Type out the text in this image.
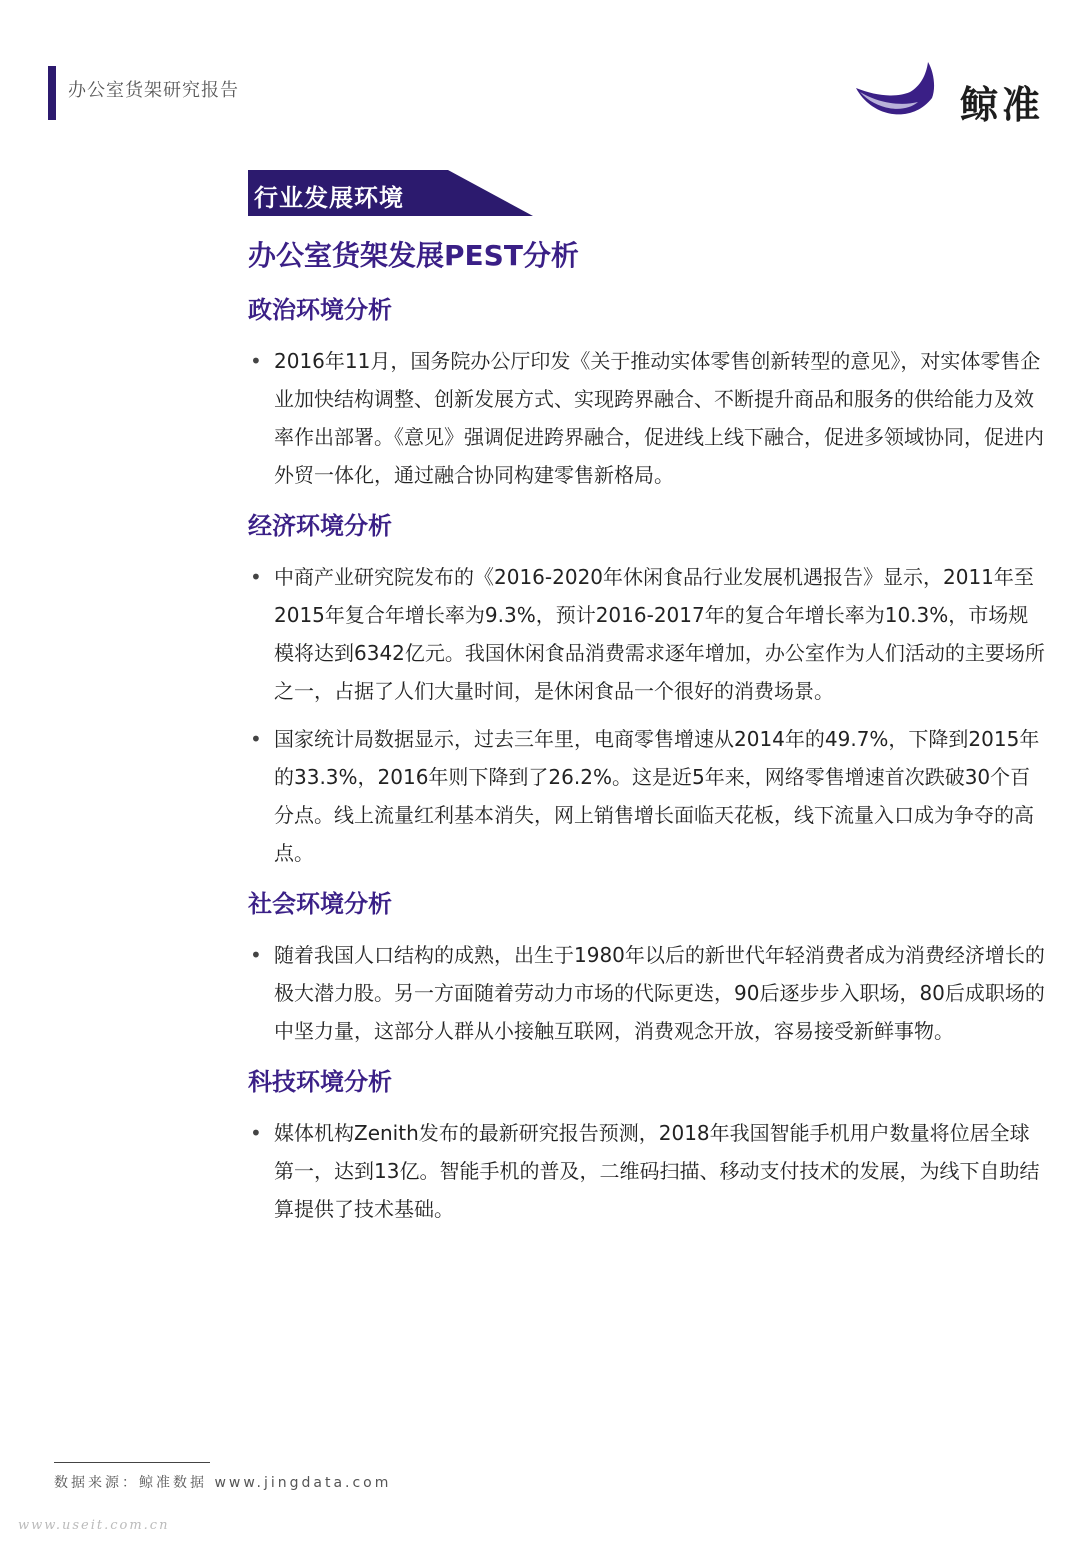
办公室货架研究报告	鲸准
行业发展环境
办公室货架发展PEST分析
政治环境分析
• 2016年11月，国务院办公厅印发《关于推动实体零售创新转型的意见》，对实体零售企业加快结构调整、创新发展方式、实现跨界融合、不断提升商品和服务的供给能力及效率作出部署。《意见》强调促进跨界融合，促进线上线下融合，促进多领域协同，促进内外贸一体化，通过融合协同构建零售新格局。
经济环境分析
• 中商产业研究院发布的《2016-2020年休闲食品行业发展机遇报告》显示，2011年至2015年复合年增长率为9.3%，预计2016-2017年的复合年增长率为10.3%，市场规模将达到6342亿元。我国休闲食品消费需求逐年增加，办公室作为人们活动的主要场所之一，占据了人们大量时间，是休闲食品一个很好的消费场景。
• 国家统计局数据显示，过去三年里，电商零售增速从2014年的49.7%，下降到2015年的33.3%，2016年则下降到了26.2%。这是近5年来，网络零售增速首次跌破30个百分点。线上流量红利基本消失，网上销售增长面临天花板，线下流量入口成为争夺的高点。
社会环境分析
• 随着我国人口结构的成熟，出生于1980年以后的新世代年轻消费者成为消费经济增长的极大潜力股。另一方面随着劳动力市场的代际更迭，90后逐步步入职场，80后成职场的中坚力量，这部分人群从小接触互联网，消费观念开放，容易接受新鲜事物。
科技环境分析
• 媒体机构Zenith发布的最新研究报告预测，2018年我国智能手机用户数量将位居全球第一，达到13亿。智能手机的普及，二维码扫描、移动支付技术的发展，为线下自助结算提供了技术基础。
数据来源：鲸准数据 www.jingdata.com
www.useit.com.cn
